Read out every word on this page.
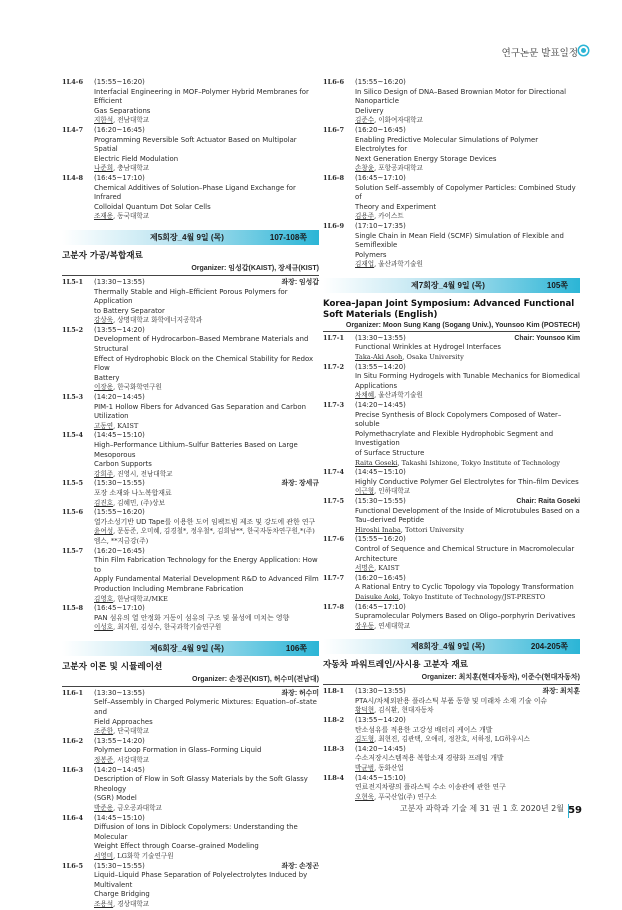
연구논문 발표일정
1L4-6	(15:55~16:20)
Interfacial Engineering in MOF–Polymer Hybrid Membranes for Efficient
Gas Separations
지한석, 전남대학교
1L4-7	(16:20~16:45)
Programming Reversible Soft Actuator Based on Multipolar Spatial
Electric Field Modulation
나준희, 충남대학교
1L4-8	(16:45~17:10)
Chemical Additives of Solution–Phase Ligand Exchange for Infrared
Colloidal Quantum Dot Solar Cells
조재용, 동국대학교
제5회장_4월 9일 (목)	107-108쪽
고분자 가공/복합재료
Organizer: 임성갑(KAIST), 장세규(KIST)
1L5-1	(13:30~13:55)	좌장: 임성갑
Thermally Stable and High–Efficient Porous Polymers for Application
to Battery Separator
강상욱, 상명대학교 화학에너지공학과
1L5-2	(13:55~14:20)
Development of Hydrocarbon–Based Membrane Materials and Structural
Effect of Hydrophobic Block on the Chemical Stability for Redox Flow
Battery
이장용, 한국화학연구원
1L5-3	(14:20~14:45)
PIM-1 Hollow Fibers for Advanced Gas Separation and Carbon Utilization
고동연, KAIST
1L5-4	(14:45~15:10)
High–Performance Lithium–Sulfur Batteries Based on Large Mesoporous
Carbon Supports
강희주, 진영시, 전남대학교
1L5-5	(15:30~15:55)	좌장: 장세규
포장 소재와 나노복합재료
김진호, 김혜민, (주)상보
1L5-6	(15:55~16:20)
열가소성기반 UD Tape를 이용한 도어 임팩트빔 제조 및 강도에 관한 연구
윤여성, 문동준, 오미혜, 김경철*, 정우철*, 김희남**, 한국자동차연구원,*(주)
엠스, **지금강(주)
1L5-7	(16:20~16:45)
Thin Film Fabrication Technology for the Energy Application: How to
Apply Fundamental Material Development R&D to Advanced Film
Production Including Membrane Fabrication
김영호, 한남대학교/MKE
1L5-8	(16:45~17:10)
PAN 섬유의 열 안정화 거동이 섬유의 구조 및 물성에 미치는 영향
이성호, 최지원, 김성수, 한국과학기술연구원
제6회장_4월 9일 (목)	106쪽
고분자 이론 및 시뮬레이션
Organizer: 손정곤(KIST), 허수미(전남대)
1L6-1	(13:30~13:55)	좌장: 허수미
Self–Assembly in Charged Polymeric Mixtures: Equation–of–state and
Field Approaches
조준한, 단국대학교
1L6-2	(13:55~14:20)
Polymer Loop Formation in Glass–Forming Liquid
정봉준, 서강대학교
1L6-3	(14:20~14:45)
Description of Flow in Soft Glassy Materials by the Soft Glassy Rheology
(SGR) Model
박준용, 금오공과대학교
1L6-4	(14:45~15:10)
Diffusion of Ions in Diblock Copolymers: Understanding the Molecular
Weight Effect through Coarse–grained Modeling
서영미, LG화학 기술연구원
1L6-5	(15:30~15:55)	좌장: 손정곤
Liquid–Liquid Phase Separation of Polyelectrolytes Induced by Multivalent
Charge Bridging
조용석, 경상대학교
1L6-6	(15:55~16:20)
In Silico Design of DNA–Based Brownian Motor for Directional Nanoparticle
Delivery
김준수, 이화여자대학교
1L6-7	(16:20~16:45)
Enabling Predictive Molecular Simulations of Polymer Electrolytes for
Next Generation Energy Storage Devices
손창윤, 포항공과대학교
1L6-8	(16:45~17:10)
Solution Self–assembly of Copolymer Particles: Combined Study of
Theory and Experiment
김용주, 카이스트
1L6-9	(17:10~17:35)
Single Chain in Mean Field (SCMF) Simulation of Flexible and Semiflexible
Polymers
김재업, 울산과학기술원
제7회장_4월 9일 (목)	105쪽
Korea–Japan Joint Symposium: Advanced Functional Soft Materials (English)
Organizer: Moon Sung Kang (Sogang Univ.), Younsoo Kim (POSTECH)
1L7-1	(13:30~13:55)	Chair: Younsoo Kim
Functional Wrinkles at Hydrogel Interfaces
Taka-Aki Asoh, Osaka University
1L7-2	(13:55~14:20)
In Situ Forming Hydrogels with Tunable Mechanics for Biomedical
Applications
차채혜, 울산과학기술원
1L7-3	(14:20~14:45)
Precise Synthesis of Block Copolymers Composed of Water–soluble
Polymethacrylate and Flexible Hydrophobic Segment and Investigation
of Surface Structure
Raita Goseki, Takashi Ishizone, Tokyo Institute of Technology
1L7-4	(14:45~15:10)
Highly Conductive Polymer Gel Electrolytes for Thin–film Devices
이근형, 인하대학교
1L7-5	(15:30~15:55)	Chair: Raita Goseki
Functional Development of the Inside of Microtubules Based on a
Tau–derived Peptide
Hiroshi Inaba, Tottori University
1L7-6	(15:55~16:20)
Control of Sequence and Chemical Structure in Macromolecular
Architecture
서명은, KAIST
1L7-7	(16:20~16:45)
A Rational Entry to Cyclic Topology via Topology Transformation
Daisuke Aoki, Tokyo Institute of Technology/JST-PRESTO
1L7-8	(16:45~17:10)
Supramolecular Polymers Based on Oligo–porphyrin Derivatives
장우동, 연세대학교
제8회장_4월 9일 (목)	204-205쪽
자동차 파워트레인/사시용 고분자 재료
Organizer: 최치훈(현대자동차), 이준수(현대자동차)
1L8-1	(13:30~13:55)	좌장: 최치훈
PTA시/차체외판용 플라스틱 부품 동향 및 미래차 소재 기술 이슈
황덕현, 김식환, 현대자동차
1L8-2	(13:55~14:20)
탄소섬유를 적용한 고강성 배터리 케이스 개발
김도형, 최현진, 김관택, 오애리, 정찬호, 서하정, LG하우시스
1L8-3	(14:20~14:45)
수소저장시스템적용 복합소재 경량화 프레임 개발
박균범, 동화산업
1L8-4	(14:45~15:10)
연료전지차량의 플라스틱 수소 이송관에 관한 연구
오현욱, 푸국산업(주) 연구소
고분자 과학과 기술 제 31 권 1 호 2020년 2월 59
